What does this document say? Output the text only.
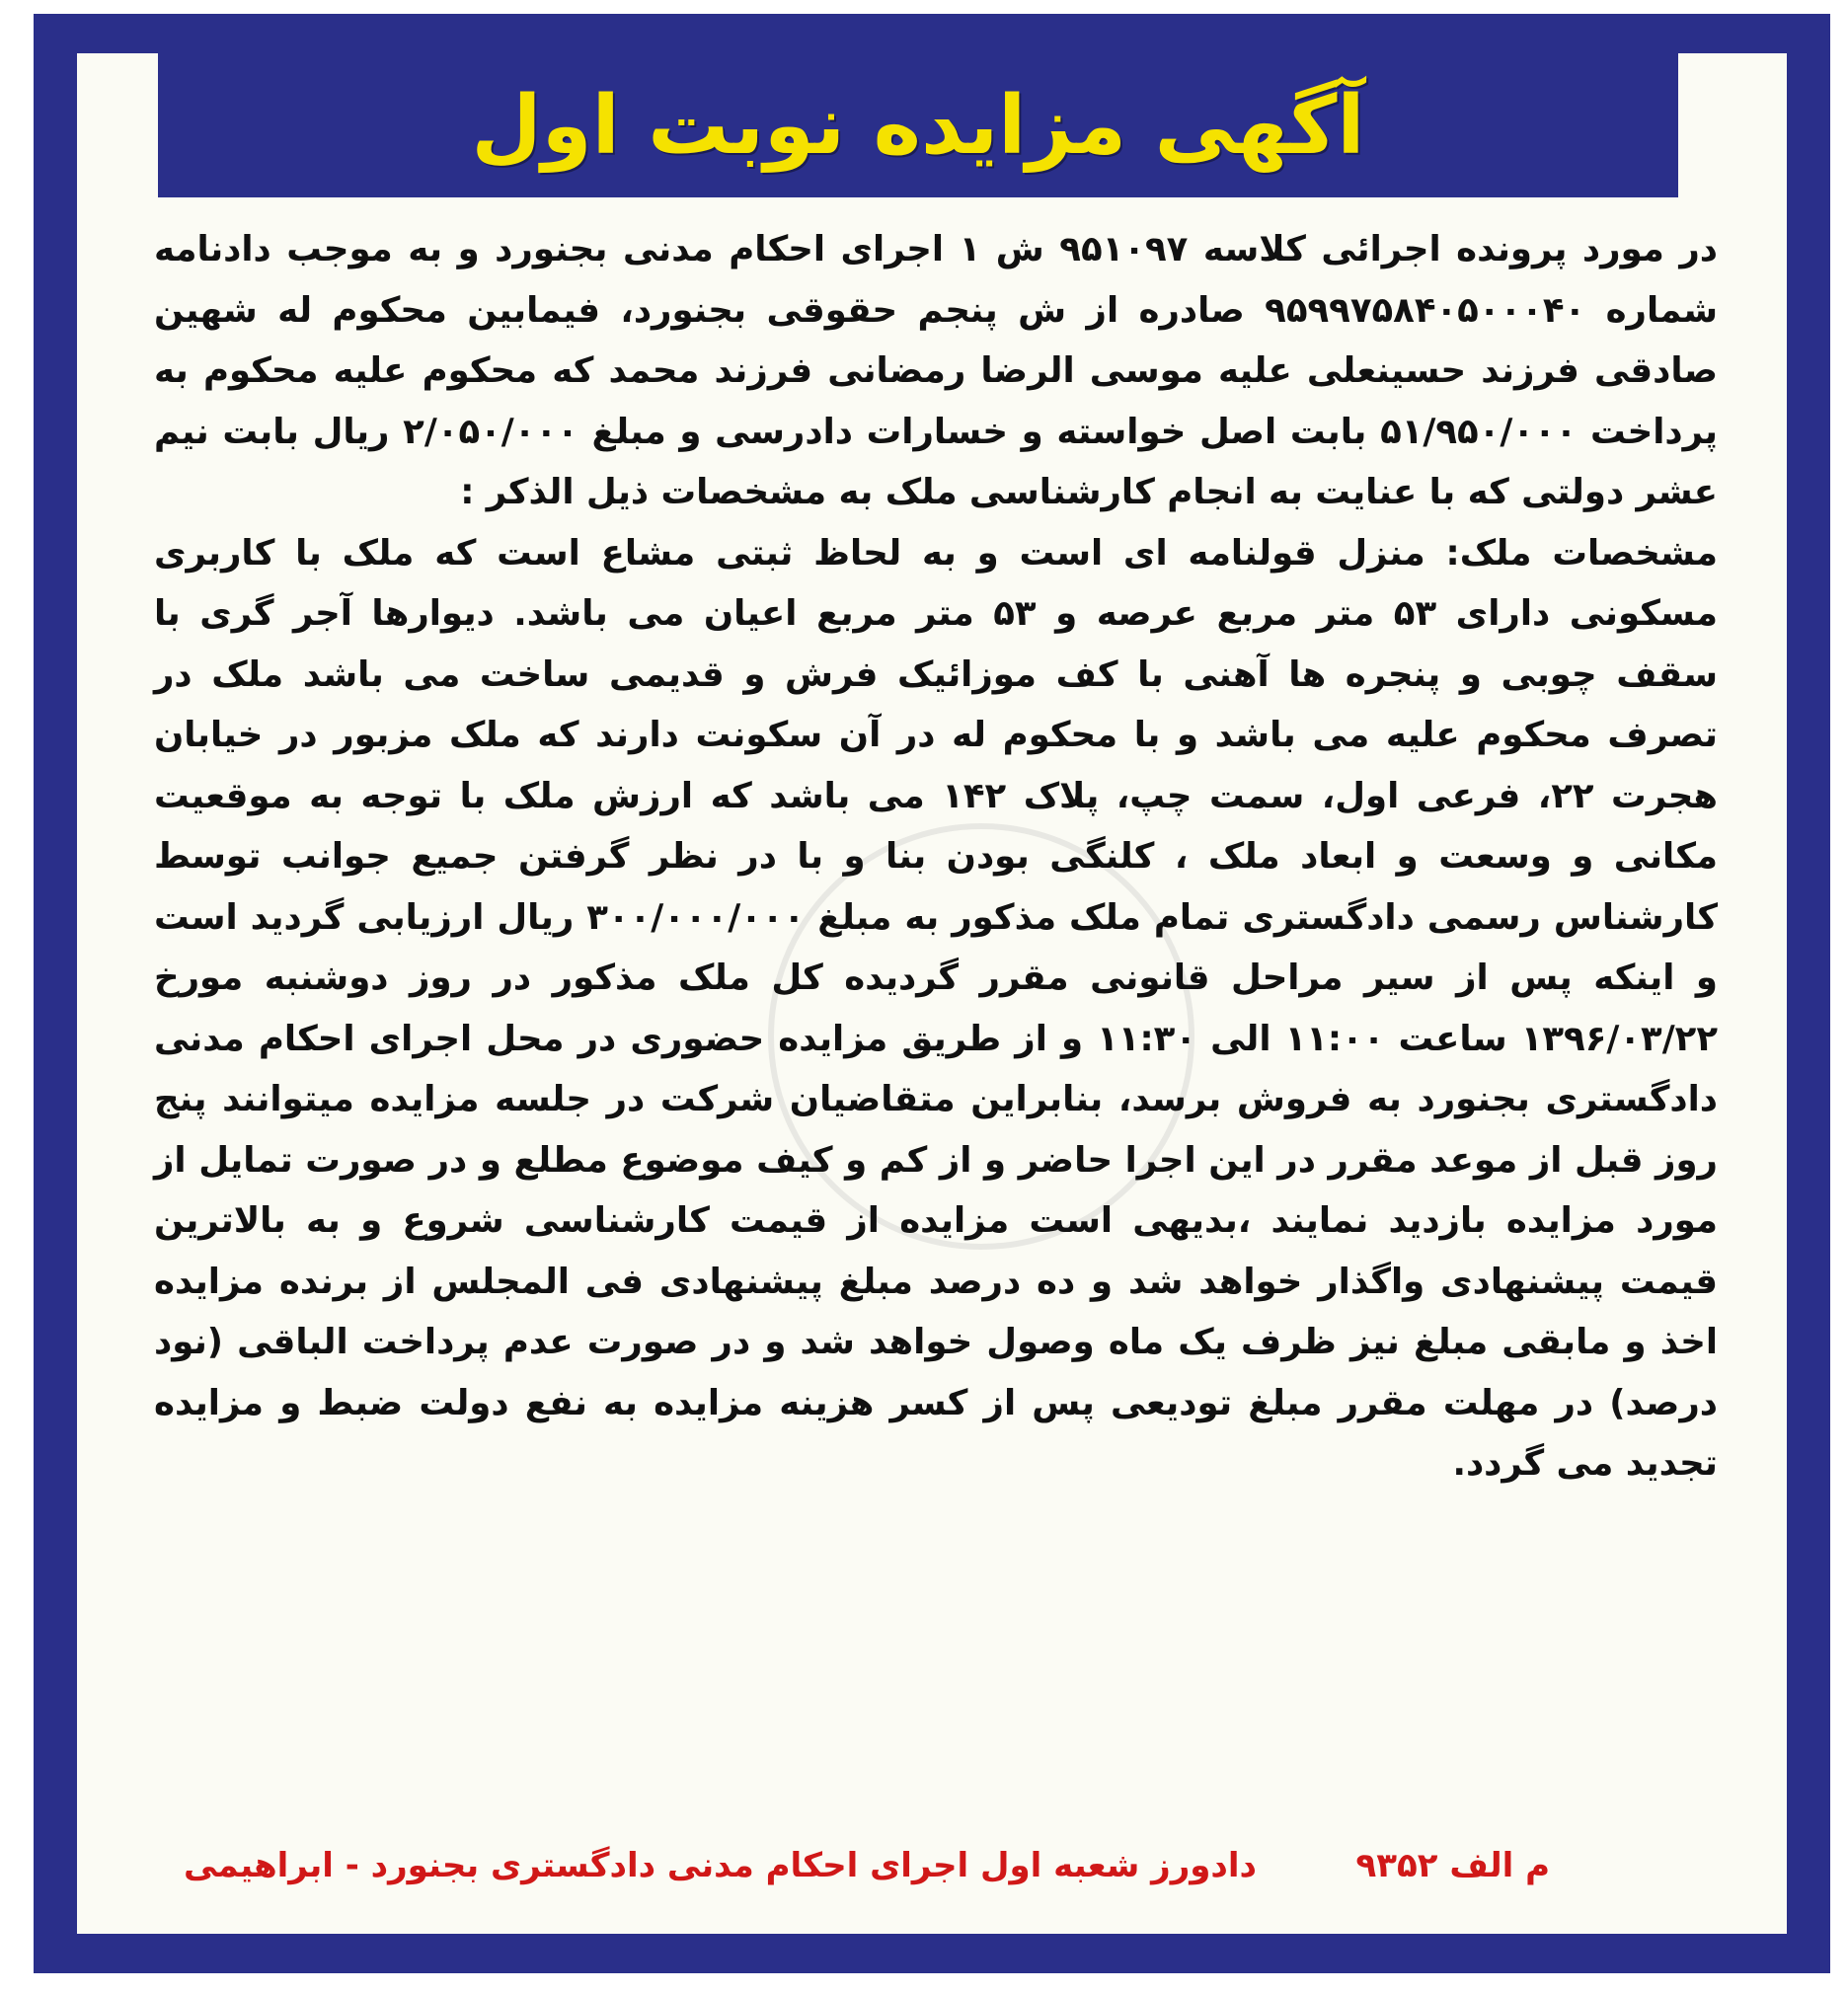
آگهی مزایده نوبت اول

در مورد پرونده اجرائی کلاسه ۹۵۱۰۹۷ ش ۱ اجرای احکام مدنی بجنورد و به موجب دادنامه شماره ۹۵۹۹۷۵۸۴۰۵۰۰۰۴۰ صادره از ش پنجم حقوقی بجنورد، فیمابین محکوم له شهین صادقی فرزند حسینعلی علیه موسی الرضا رمضانی فرزند محمد که محکوم علیه محکوم به پرداخت ۵۱/۹۵۰/۰۰۰ بابت اصل خواسته و خسارات دادرسی و مبلغ ۲/۰۵۰/۰۰۰ ریال بابت نیم عشر دولتی که با عنایت به انجام کارشناسی ملک به مشخصات ذیل الذکر :

مشخصات ملک: منزل قولنامه ای است و به لحاظ ثبتی مشاع است که ملک با کاربری مسکونی دارای ۵۳ متر مربع عرصه و ۵۳ متر مربع اعیان می باشد. دیوارها آجر گری با سقف چوبی و پنجره ها آهنی با کف موزائیک فرش و قدیمی ساخت می باشد ملک در تصرف محکوم علیه می باشد و با محکوم له در آن سکونت دارند که ملک مزبور در خیابان هجرت ۲۲، فرعی اول، سمت چپ، پلاک ۱۴۲ می باشد که ارزش ملک با توجه به موقعیت مکانی و وسعت و ابعاد ملک ، کلنگی بودن بنا و با در نظر گرفتن جمیع جوانب توسط کارشناس رسمی دادگستری تمام ملک مذکور به مبلغ ۳۰۰/۰۰۰/۰۰۰ ریال ارزیابی گردید است و اینکه پس از سیر مراحل قانونی مقرر گردیده کل ملک مذکور در روز دوشنبه مورخ ۱۳۹۶/۰۳/۲۲ ساعت ۱۱:۰۰ الی ۱۱:۳۰ و از طریق مزایده حضوری در محل اجرای احکام مدنی دادگستری بجنورد به فروش برسد، بنابراین متقاضیان شرکت در جلسه مزایده میتوانند پنج روز قبل از موعد مقرر در این اجرا حاضر و از کم و کیف موضوع مطلع و در صورت تمایل از مورد مزایده بازدید نمایند ،بدیهی است مزایده از قیمت کارشناسی شروع و به بالاترین قیمت پیشنهادی واگذار خواهد شد و ده درصد مبلغ پیشنهادی فی المجلس از برنده مزایده اخذ و مابقی مبلغ نیز ظرف یک ماه وصول خواهد شد و در صورت عدم پرداخت الباقی (نود درصد) در مهلت مقرر مبلغ تودیعی پس از کسر هزینه مزایده به نفع دولت ضبط و مزایده تجدید می گردد.

م الف ۹۳۵۲
دادورز شعبه اول اجرای احکام مدنی دادگستری بجنورد - ابراهیمی
